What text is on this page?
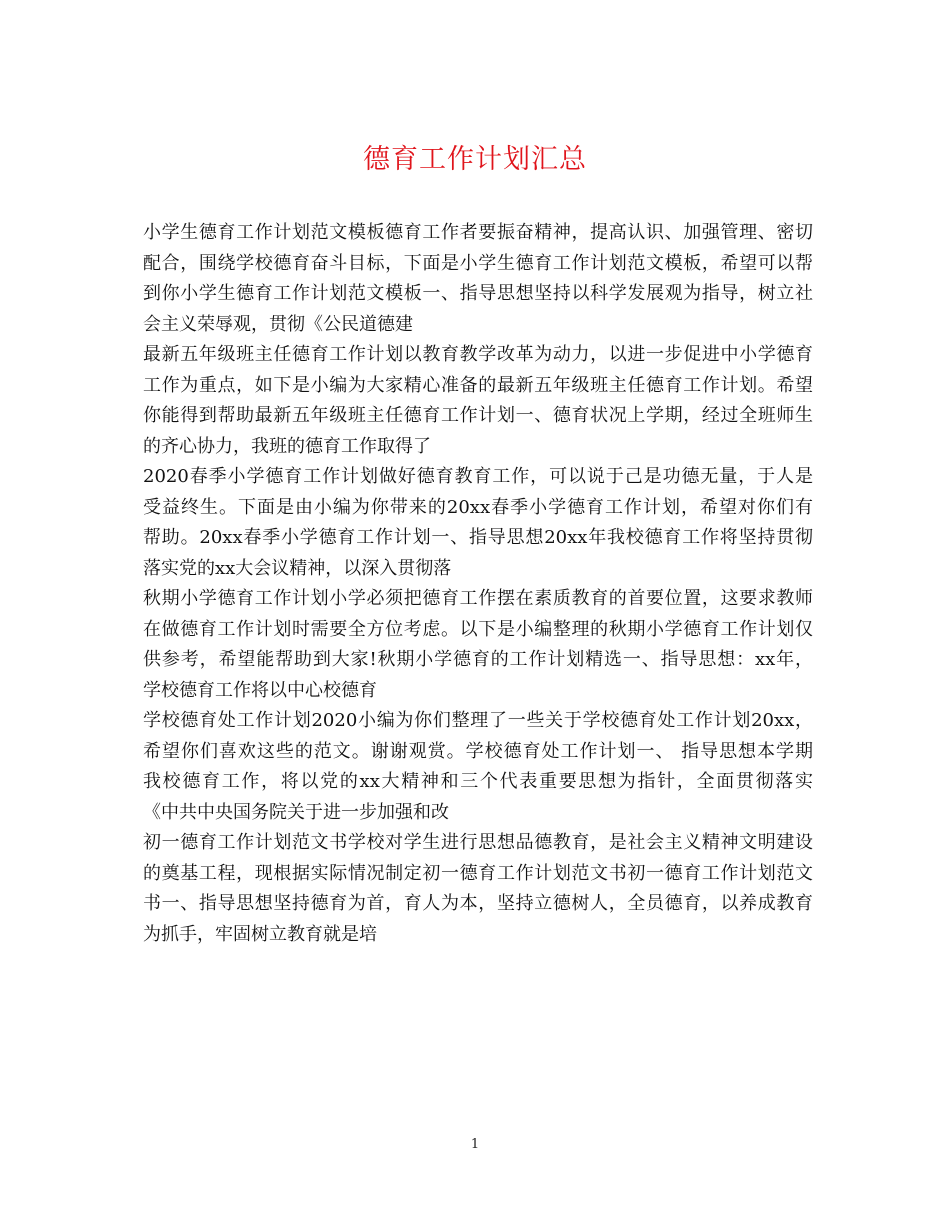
德育工作计划汇总
小学生德育工作计划范文模板德育工作者要振奋精神，提高认识、加强管理、密切
配合，围绕学校德育奋斗目标，下面是小学生德育工作计划范文模板，希望可以帮
到你小学生德育工作计划范文模板一、指导思想坚持以科学发展观为指导，树立社
会主义荣辱观，贯彻《公民道德建
最新五年级班主任德育工作计划以教育教学改革为动力，以进一步促进中小学德育
工作为重点，如下是小编为大家精心准备的最新五年级班主任德育工作计划。希望
你能得到帮助最新五年级班主任德育工作计划一、德育状况上学期，经过全班师生
的齐心协力，我班的德育工作取得了
2020春季小学德育工作计划做好德育教育工作，可以说于己是功德无量，于人是
受益终生。下面是由小编为你带来的20xx春季小学德育工作计划，希望对你们有
帮助。20xx春季小学德育工作计划一、指导思想20xx年我校德育工作将坚持贯彻
落实党的xx大会议精神，以深入贯彻落
秋期小学德育工作计划小学必须把德育工作摆在素质教育的首要位置，这要求教师
在做德育工作计划时需要全方位考虑。以下是小编整理的秋期小学德育工作计划仅
供参考，希望能帮助到大家!秋期小学德育的工作计划精选一、指导思想：xx年，
学校德育工作将以中心校德育
学校德育处工作计划2020小编为你们整理了一些关于学校德育处工作计划20xx，
希望你们喜欢这些的范文。谢谢观赏。学校德育处工作计划一、 指导思想本学期
我校德育工作，将以党的xx大精神和三个代表重要思想为指针，全面贯彻落实
《中共中央国务院关于进一步加强和改
初一德育工作计划范文书学校对学生进行思想品德教育，是社会主义精神文明建设
的奠基工程，现根据实际情况制定初一德育工作计划范文书初一德育工作计划范文
书一、指导思想坚持德育为首，育人为本，坚持立德树人，全员德育，以养成教育
为抓手，牢固树立教育就是培
1
